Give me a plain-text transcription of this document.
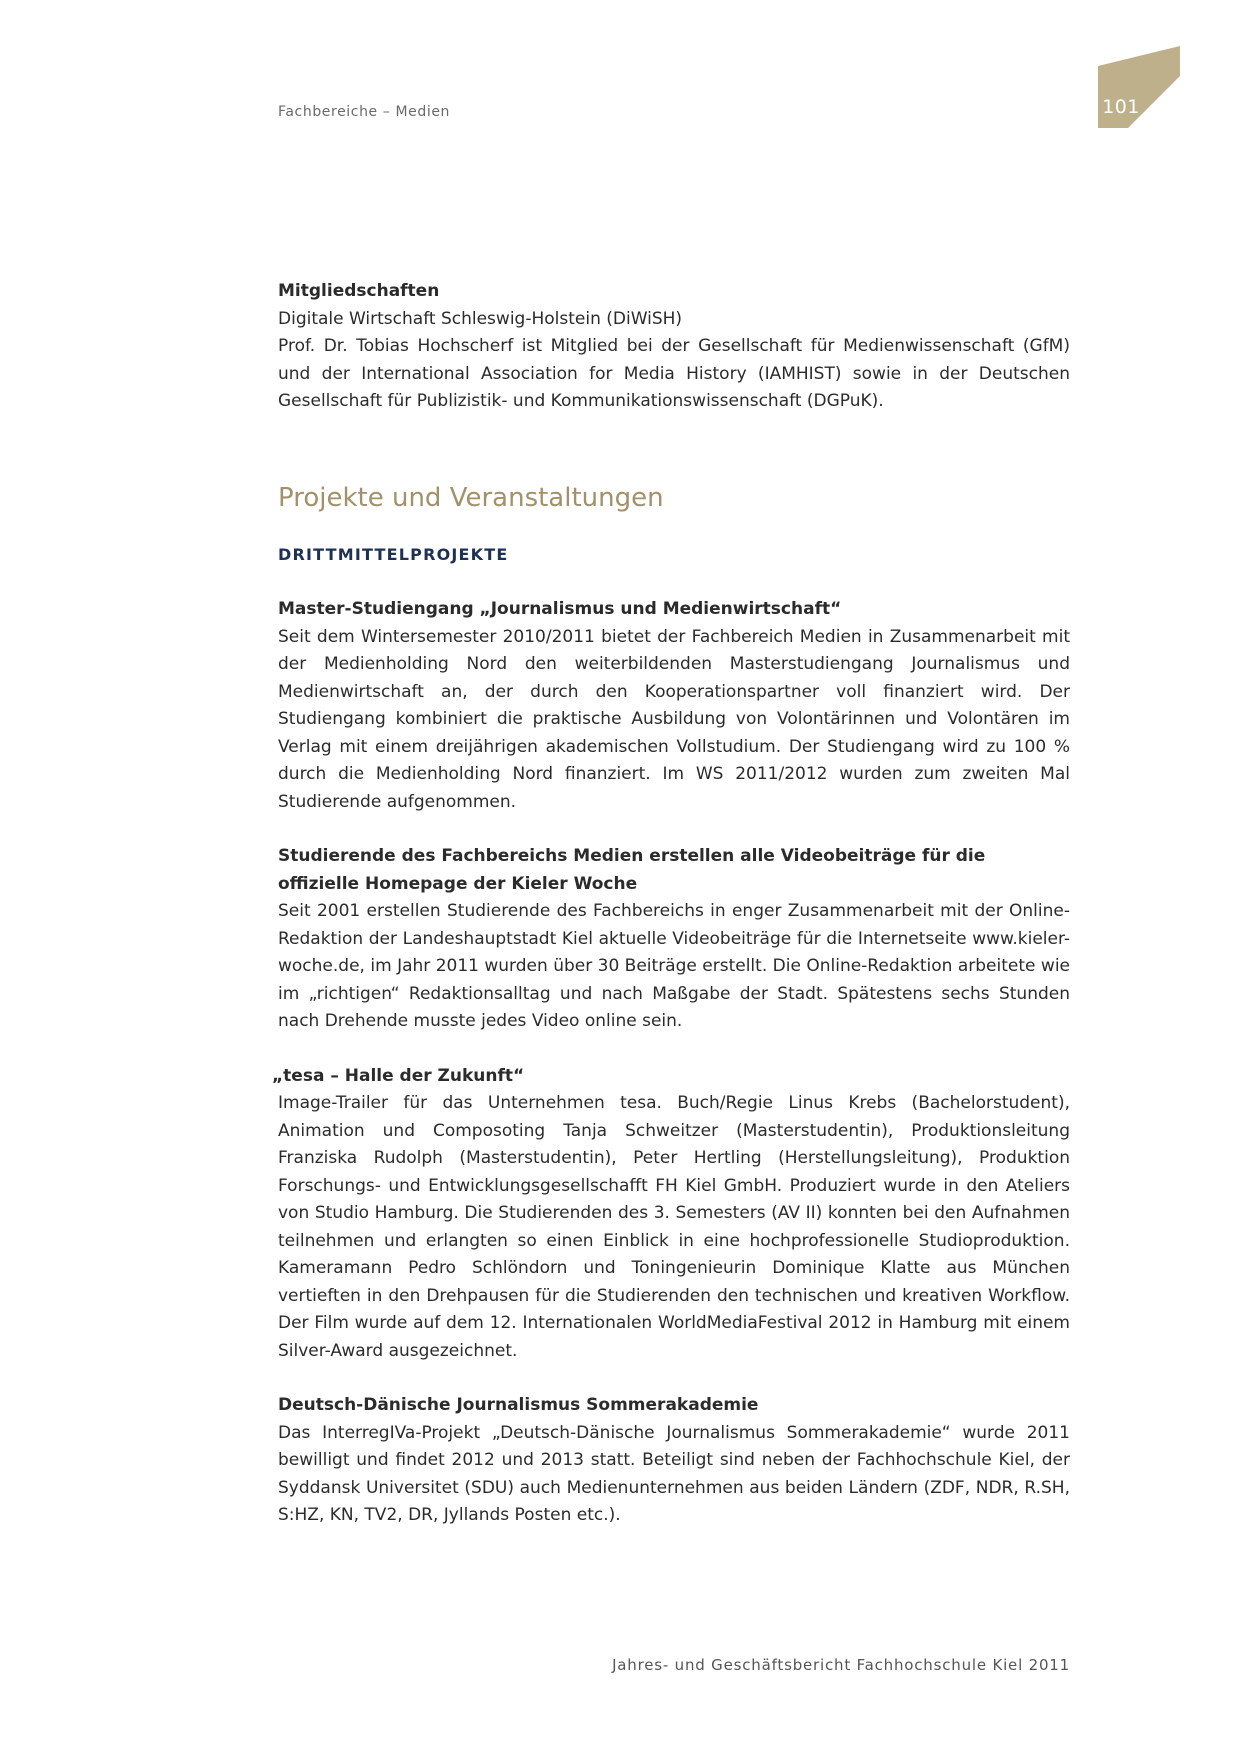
Fachbereiche – Medien	101
Mitgliedschaften

Digitale Wirtschaft Schleswig-Holstein (DiWiSH)

Prof. Dr. Tobias Hochscherf ist Mitglied bei der Gesellschaft für Medienwissenschaft (GfM) und der International Association for Media History (IAMHIST) sowie in der Deutschen Gesellschaft für Publizistik- und Kommunikationswissenschaft (DGPuK).

Projekte und Veranstaltungen
DRITTMITTELPROJEKTE
Master-Studiengang „Journalismus und Medienwirtschaft“

Seit dem Wintersemester 2010/2011 bietet der Fachbereich Medien in Zusammenarbeit mit der Medienholding Nord den weiterbildenden Masterstudiengang Journalismus und Medienwirtschaft an, der durch den Kooperationspartner voll finanziert wird. Der Studiengang kombiniert die praktische Ausbildung von Volontärinnen und Volontären im Verlag mit einem dreijährigen akademischen Vollstudium. Der Studiengang wird zu 100 % durch die Medienholding Nord finanziert. Im WS 2011/2012 wurden zum zweiten Mal Studierende aufgenommen.

Studierende des Fachbereichs Medien erstellen alle Videobeiträge für die offizielle Homepage der Kieler Woche

Seit 2001 erstellen Studierende des Fachbereichs in enger Zusammenarbeit mit der Online-Redaktion der Landeshauptstadt Kiel aktuelle Videobeiträge für die Internetseite www.kieler-woche.de, im Jahr 2011 wurden über 30 Beiträge erstellt. Die Online-Redaktion arbeitete wie im „richtigen“ Redaktionsalltag und nach Maßgabe der Stadt. Spätestens sechs Stunden nach Drehende musste jedes Video online sein.

„tesa – Halle der Zukunft“

Image-Trailer für das Unternehmen tesa. Buch/Regie Linus Krebs (Bachelorstudent), Animation und Composoting Tanja Schweitzer (Masterstudentin), Produktionsleitung Franziska Rudolph (Masterstudentin), Peter Hertling (Herstellungsleitung), Produktion Forschungs- und Entwicklungsgesellschafft FH Kiel GmbH. Produziert wurde in den Ateliers von Studio Hamburg. Die Studierenden des 3. Semesters (AV II) konnten bei den Aufnahmen teilnehmen und erlangten so einen Einblick in eine hochprofessionelle Studioproduktion. Kameramann Pedro Schlöndorn und Toningenieurin Dominique Klatte aus München vertieften in den Drehpausen für die Studierenden den technischen und kreativen Workflow. Der Film wurde auf dem 12. Internationalen WorldMediaFestival 2012 in Hamburg mit einem Silver-Award ausgezeichnet.

Deutsch-Dänische Journalismus Sommerakademie

Das InterregIVa-Projekt „Deutsch-Dänische Journalismus Sommerakademie“ wurde 2011 bewilligt und findet 2012 und 2013 statt. Beteiligt sind neben der Fachhochschule Kiel, der Syddansk Universitet (SDU) auch Medienunternehmen aus beiden Ländern (ZDF, NDR, R.SH, S:HZ, KN, TV2, DR, Jyllands Posten etc.).

Jahres- und Geschäftsbericht Fachhochschule Kiel 2011
